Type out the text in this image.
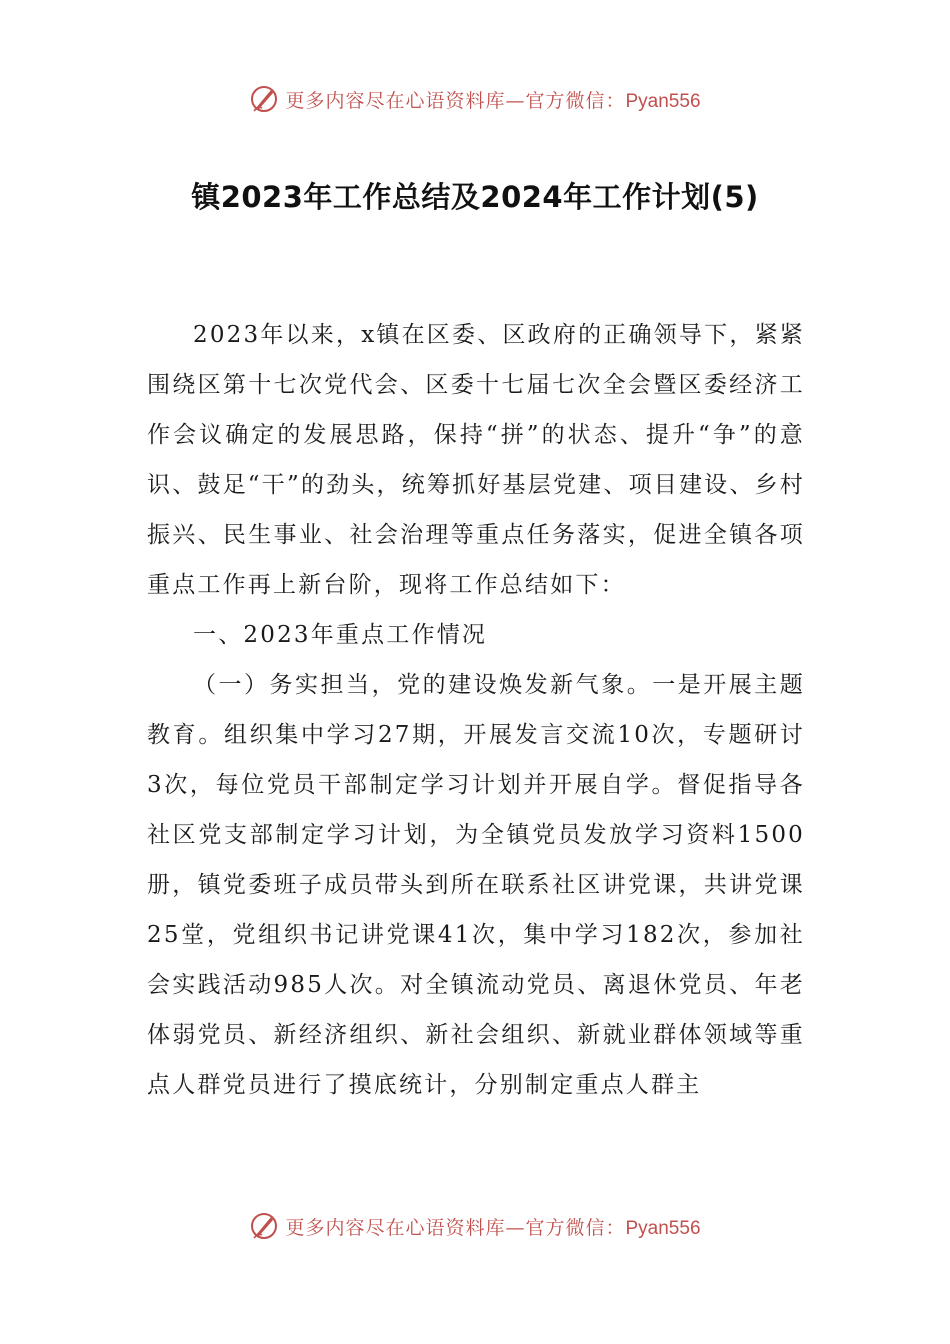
更多内容尽在心语资料库—官方微信：Pyan556
镇2023年工作总结及2024年工作计划(5)

2023年以来，x镇在区委、区政府的正确领导下，紧紧围绕区第十七次党代会、区委十七届七次全会暨区委经济工作会议确定的发展思路，保持“拼”的状态、提升“争”的意识、鼓足“干”的劲头，统筹抓好基层党建、项目建设、乡村振兴、民生事业、社会治理等重点任务落实，促进全镇各项重点工作再上新台阶，现将工作总结如下：

一、2023年重点工作情况

（一）务实担当，党的建设焕发新气象。一是开展主题教育。组织集中学习27期，开展发言交流10次，专题研讨3次，每位党员干部制定学习计划并开展自学。督促指导各社区党支部制定学习计划，为全镇党员发放学习资料1500册，镇党委班子成员带头到所在联系社区讲党课，共讲党课25堂，党组织书记讲党课41次，集中学习182次，参加社会实践活动985人次。对全镇流动党员、离退休党员、年老体弱党员、新经济组织、新社会组织、新就业群体领域等重点人群党员进行了摸底统计，分别制定重点人群主

更多内容尽在心语资料库—官方微信：Pyan556
